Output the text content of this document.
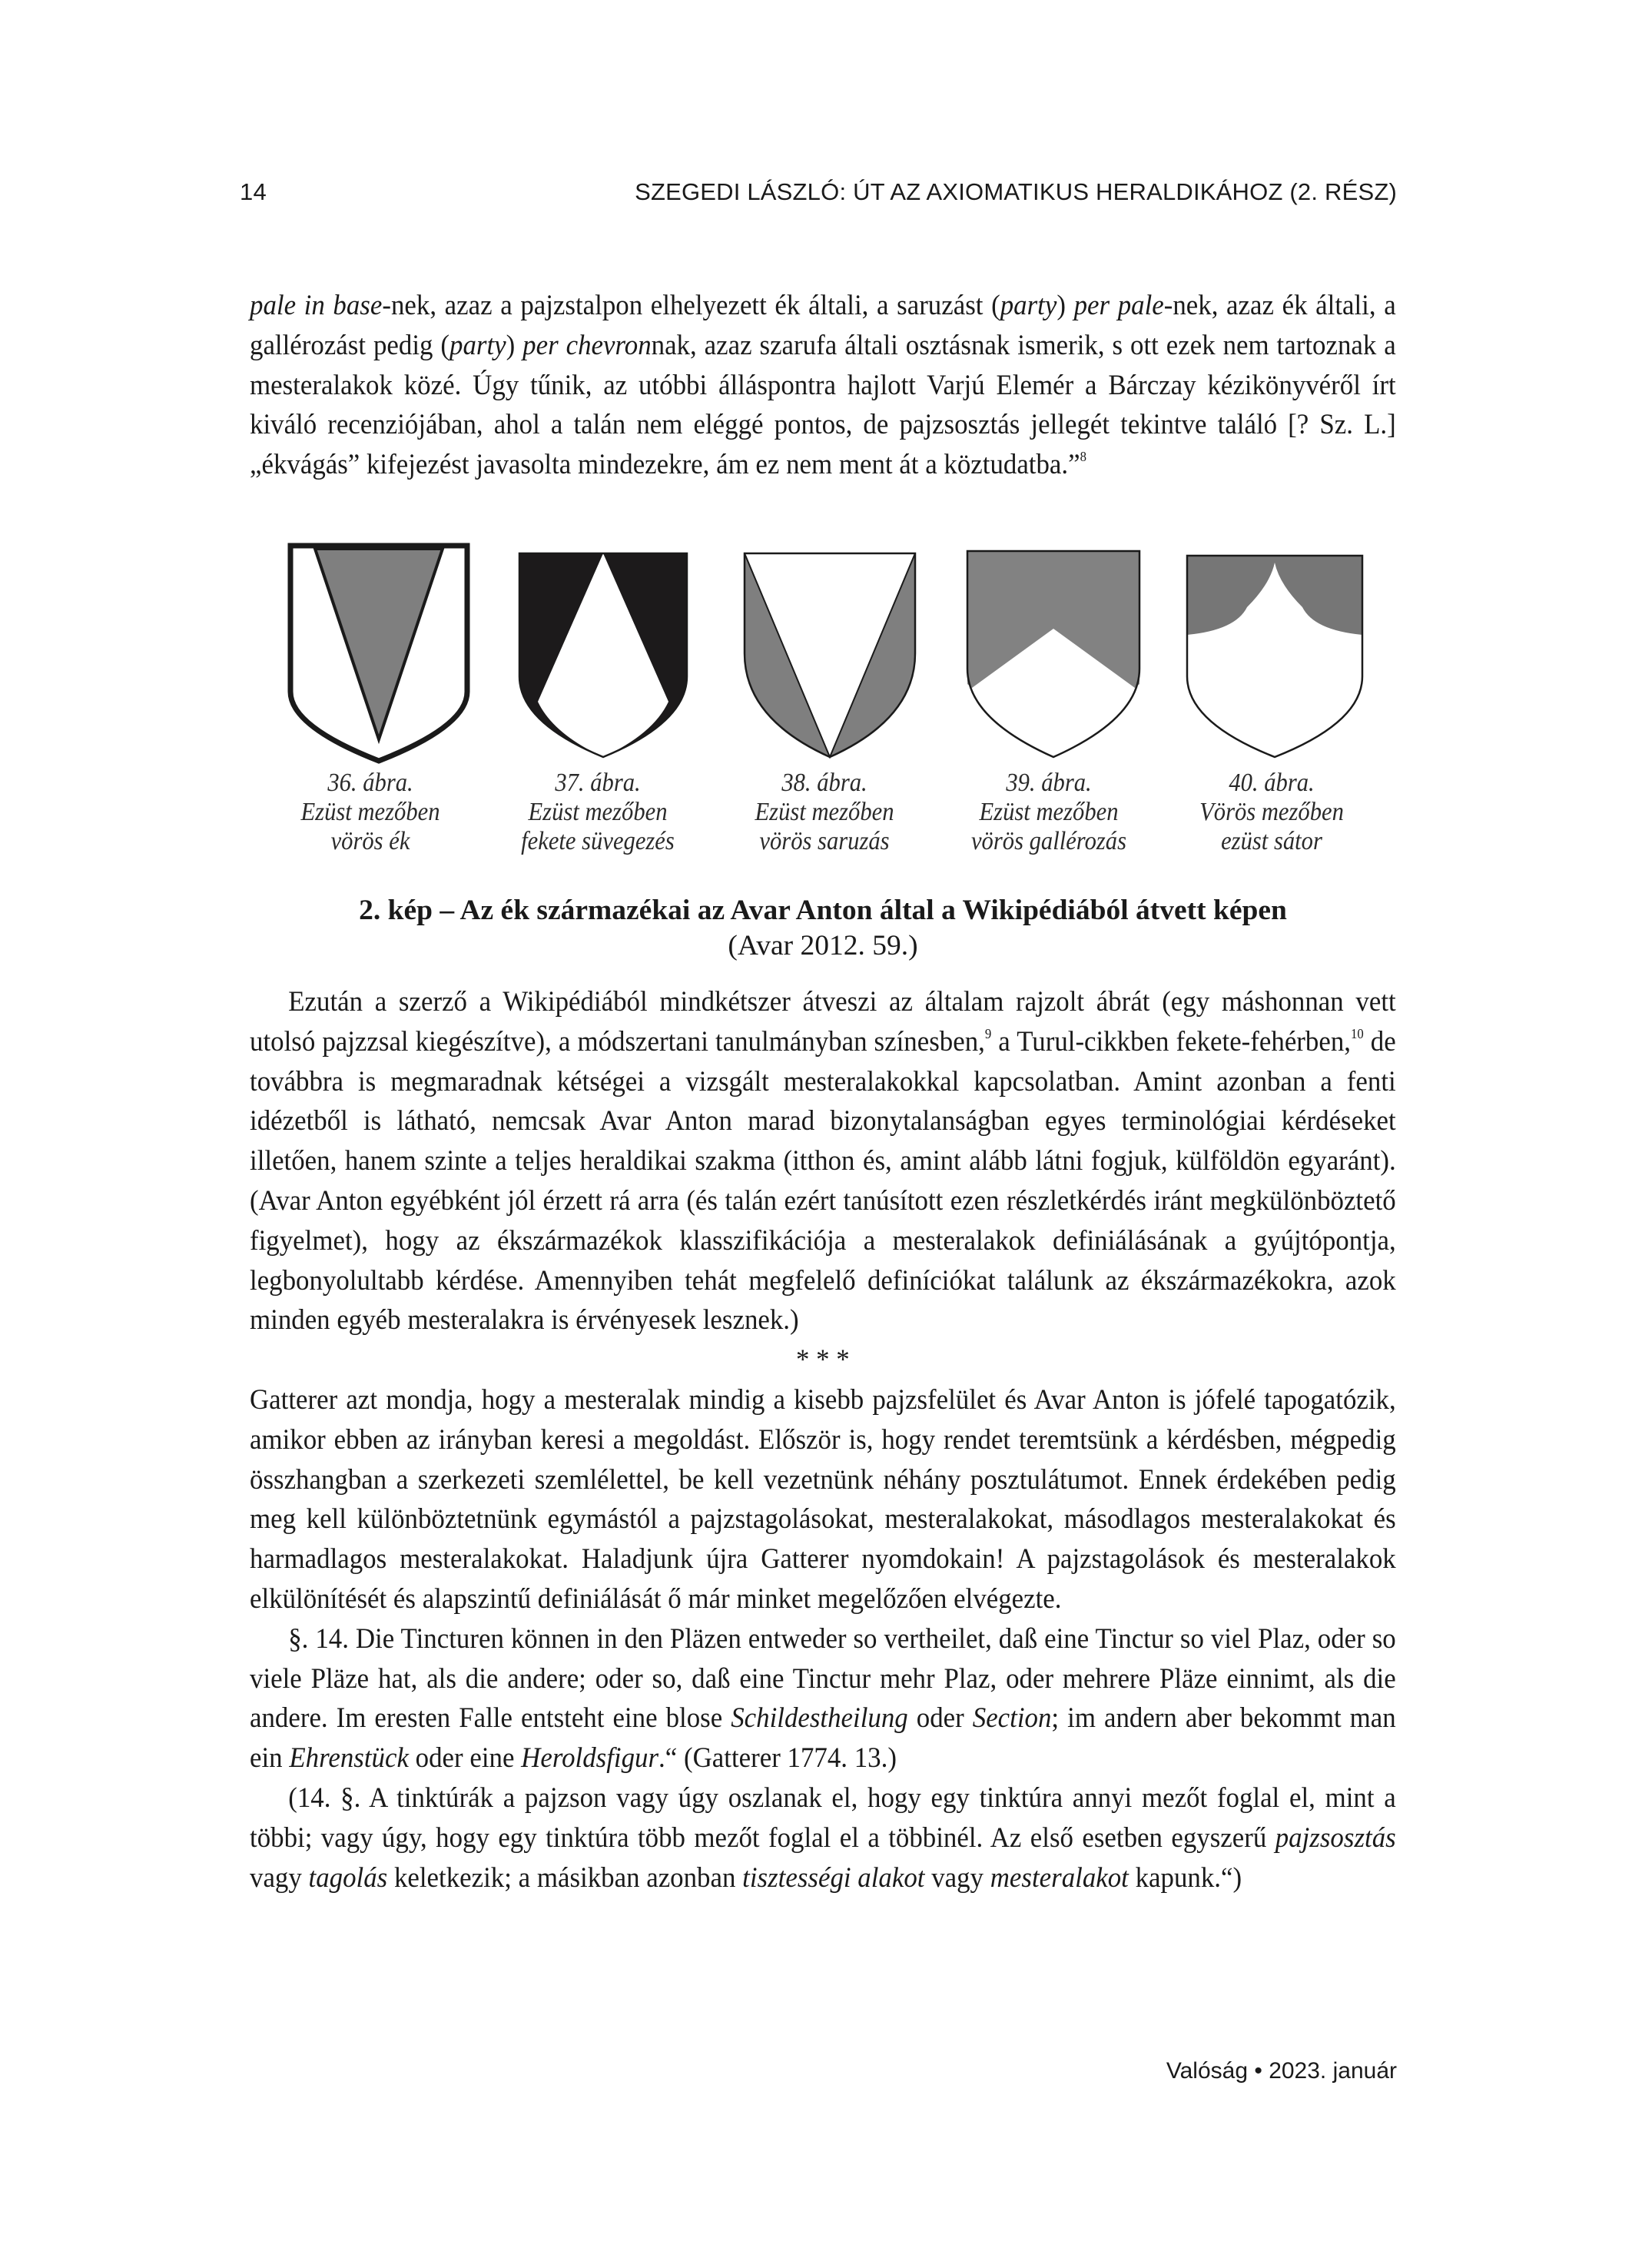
14	SZEGEDI LÁSZLÓ: ÚT AZ AXIOMATIKUS HERALDIKÁHOZ (2. RÉSZ)

pale in base-nek, azaz a pajzstalpon elhelyezett ék általi, a saruzást (party) per pale-nek, azaz ék általi, a gallérozást pedig (party) per chevronnak, azaz szarufa általi osztásnak ismerik, s ott ezek nem tartoznak a mesteralakok közé. Úgy tűnik, az utóbbi álláspontra hajlott Varjú Elemér a Bárczay kézikönyvéről írt kiváló recenziójában, ahol a talán nem eléggé pontos, de pajzsosztás jellegét tekintve találó [? Sz. L.] „ékvágás” kifejezést javasolta mindezekre, ám ez nem ment át a köztudatba.”$^8$

36. ábra.
Ezüst mezőben
vörös ék
37. ábra.
Ezüst mezőben
fekete süvegezés
38. ábra.
Ezüst mezőben
vörös saruzás
39. ábra.
Ezüst mezőben
vörös gallérozás
40. ábra.
Vörös mezőben
ezüst sátor
2. kép – Az ék származékai az Avar Anton által a Wikipédiából átvett képen
(Avar 2012. 59.)

Ezután a szerző a Wikipédiából mindkétszer átveszi az általam rajzolt ábrát (egy máshonnan vett utolsó pajzzsal kiegészítve), a módszertani tanulmányban színesben,$^9$ a Turul-cikkben fekete-fehérben,$^{10}$ de továbbra is megmaradnak kétségei a vizsgált mesteralakokkal kapcsolatban. Amint azonban a fenti idézetből is látható, nemcsak Avar Anton marad bizonytalanságban egyes terminológiai kérdéseket illetően, hanem szinte a teljes heraldikai szakma (itthon és, amint alább látni fogjuk, külföldön egyaránt). (Avar Anton egyébként jól érzett rá arra (és talán ezért tanúsított ezen részletkérdés iránt megkülönböztető figyelmet), hogy az ékszármazékok klasszifikációja a mesteralakok definiálásának a gyújtópontja, legbonyolultabb kérdése. Amennyiben tehát megfelelő definíciókat találunk az ékszármazékokra, azok minden egyéb mesteralakra is érvényesek lesznek.)

* * *

Gatterer azt mondja, hogy a mesteralak mindig a kisebb pajzsfelület és Avar Anton is jófelé tapogatózik, amikor ebben az irányban keresi a megoldást. Először is, hogy rendet teremtsünk a kérdésben, mégpedig összhangban a szerkezeti szemlélettel, be kell vezetnünk néhány posztulátumot. Ennek érdekében pedig meg kell különböztetnünk egymástól a pajzstagolásokat, mesteralakokat, másodlagos mesteralakokat és harmadlagos mesteralakokat. Haladjunk újra Gatterer nyomdokain! A pajzstagolások és mesteralakok elkülönítését és alapszintű definiálását ő már minket megelőzően elvégezte.

§. 14. Die Tincturen können in den Pläzen entweder so vertheilet, daß eine Tinctur so viel Plaz, oder so viele Pläze hat, als die andere; oder so, daß eine Tinctur mehr Plaz, oder mehrere Pläze einnimt, als die andere. Im eresten Falle entsteht eine blose Schildestheilung oder Section; im andern aber bekommt man ein Ehrenstück oder eine Heroldsfigur.“ (Gatterer 1774. 13.)

(14. §. A tinktúrák a pajzson vagy úgy oszlanak el, hogy egy tinktúra annyi mezőt foglal el, mint a többi; vagy úgy, hogy egy tinktúra több mezőt foglal el a többinél. Az első esetben egyszerű pajzsosztás vagy tagolás keletkezik; a másikban azonban tisztességi alakot vagy mesteralakot kapunk.“)

Valóság • 2023. január
